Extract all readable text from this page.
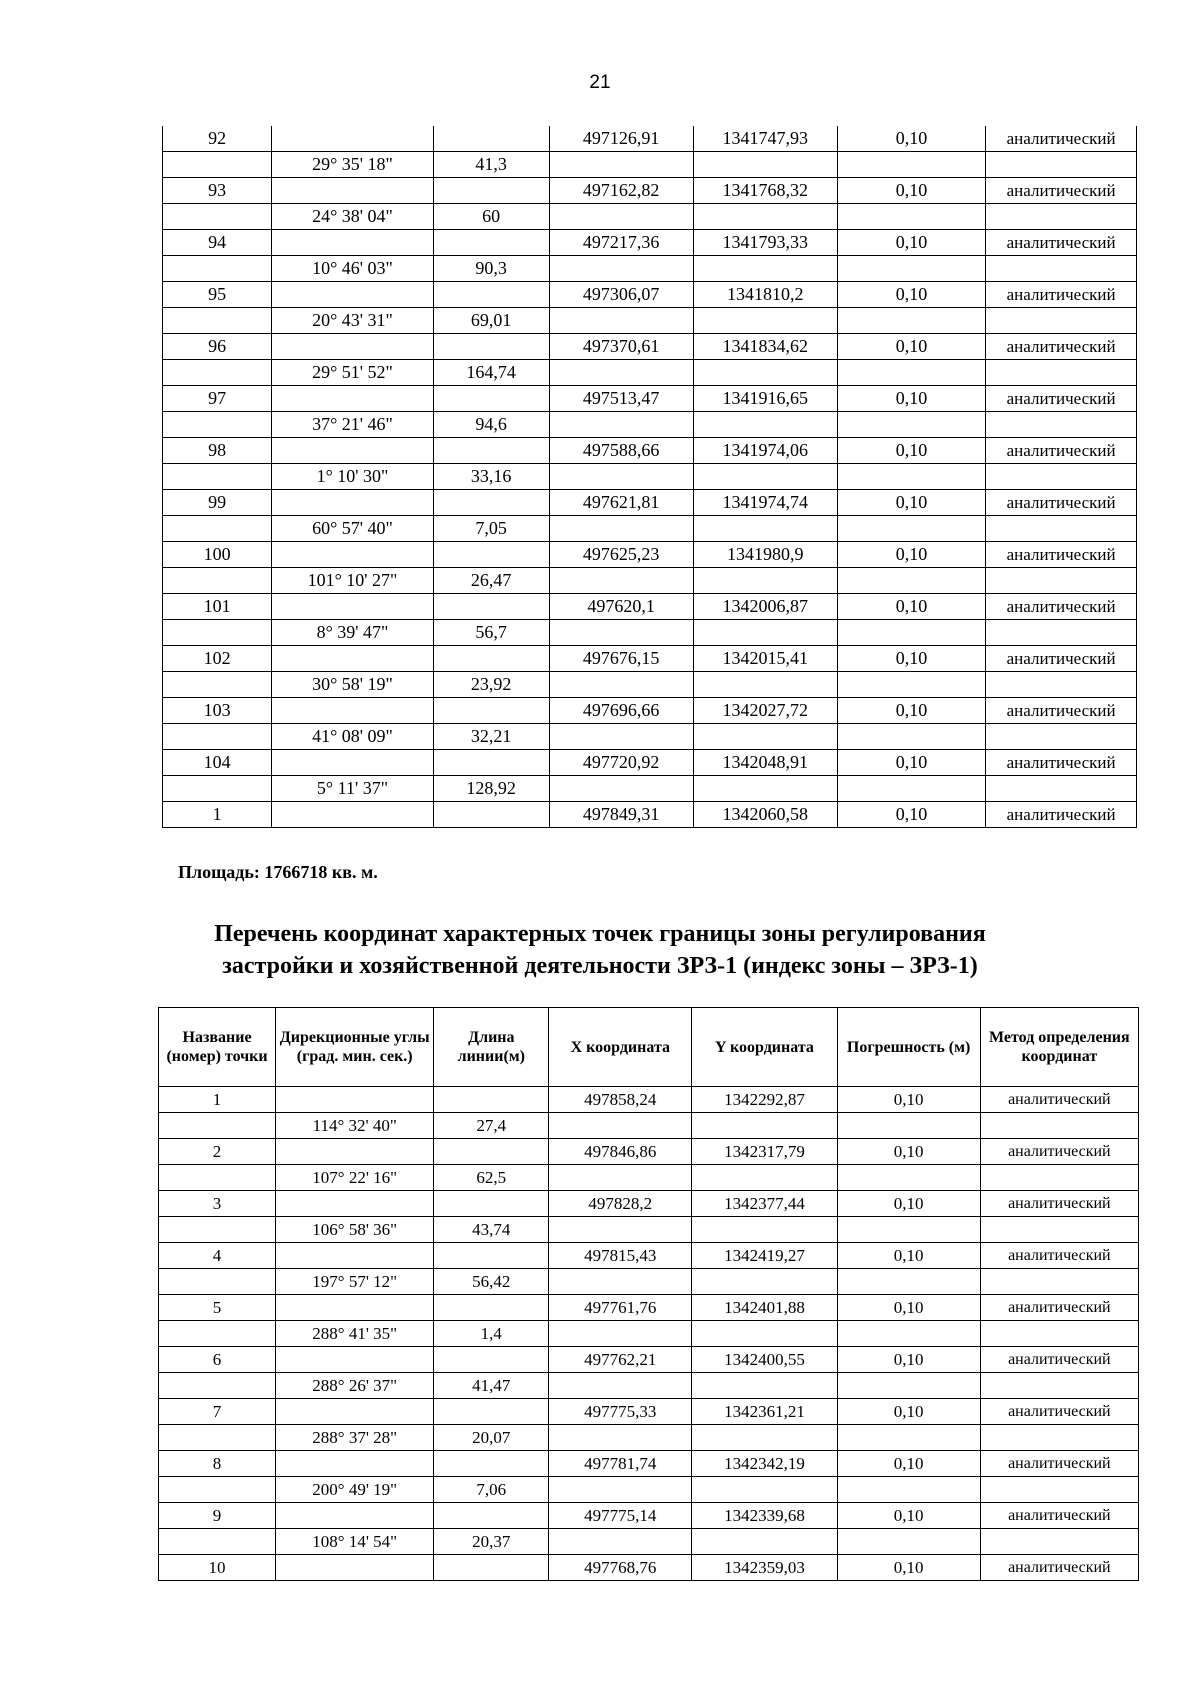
21
92			497126,91	1341747,93	0,10	аналитический
	29° 35' 18"	41,3				
93			497162,82	1341768,32	0,10	аналитический
	24° 38' 04"	60				
94			497217,36	1341793,33	0,10	аналитический
	10° 46' 03"	90,3				
95			497306,07	1341810,2	0,10	аналитический
	20° 43' 31"	69,01				
96			497370,61	1341834,62	0,10	аналитический
	29° 51' 52"	164,74				
97			497513,47	1341916,65	0,10	аналитический
	37° 21' 46"	94,6				
98			497588,66	1341974,06	0,10	аналитический
	1° 10' 30"	33,16				
99			497621,81	1341974,74	0,10	аналитический
	60° 57' 40"	7,05				
100			497625,23	1341980,9	0,10	аналитический
	101° 10' 27"	26,47				
101			497620,1	1342006,87	0,10	аналитический
	8° 39' 47"	56,7				
102			497676,15	1342015,41	0,10	аналитический
	30° 58' 19"	23,92				
103			497696,66	1342027,72	0,10	аналитический
	41° 08' 09"	32,21				
104			497720,92	1342048,91	0,10	аналитический
	5° 11' 37"	128,92				
1			497849,31	1342060,58	0,10	аналитический
Площадь: 1766718 кв. м.
Перечень координат характерных точек границы зоны регулирования
застройки и хозяйственной деятельности ЗРЗ-1 (индекс зоны – ЗРЗ-1)
Название (номер) точки	Дирекционные углы (град. мин. сек.)	Длина линии(м)	X координата	Y координата	Погрешность (м)	Метод определения координат
1			497858,24	1342292,87	0,10	аналитический
	114° 32' 40"	27,4				
2			497846,86	1342317,79	0,10	аналитический
	107° 22' 16"	62,5				
3			497828,2	1342377,44	0,10	аналитический
	106° 58' 36"	43,74				
4			497815,43	1342419,27	0,10	аналитический
	197° 57' 12"	56,42				
5			497761,76	1342401,88	0,10	аналитический
	288° 41' 35"	1,4				
6			497762,21	1342400,55	0,10	аналитический
	288° 26' 37"	41,47				
7			497775,33	1342361,21	0,10	аналитический
	288° 37' 28"	20,07				
8			497781,74	1342342,19	0,10	аналитический
	200° 49' 19"	7,06				
9			497775,14	1342339,68	0,10	аналитический
	108° 14' 54"	20,37				
10			497768,76	1342359,03	0,10	аналитический
